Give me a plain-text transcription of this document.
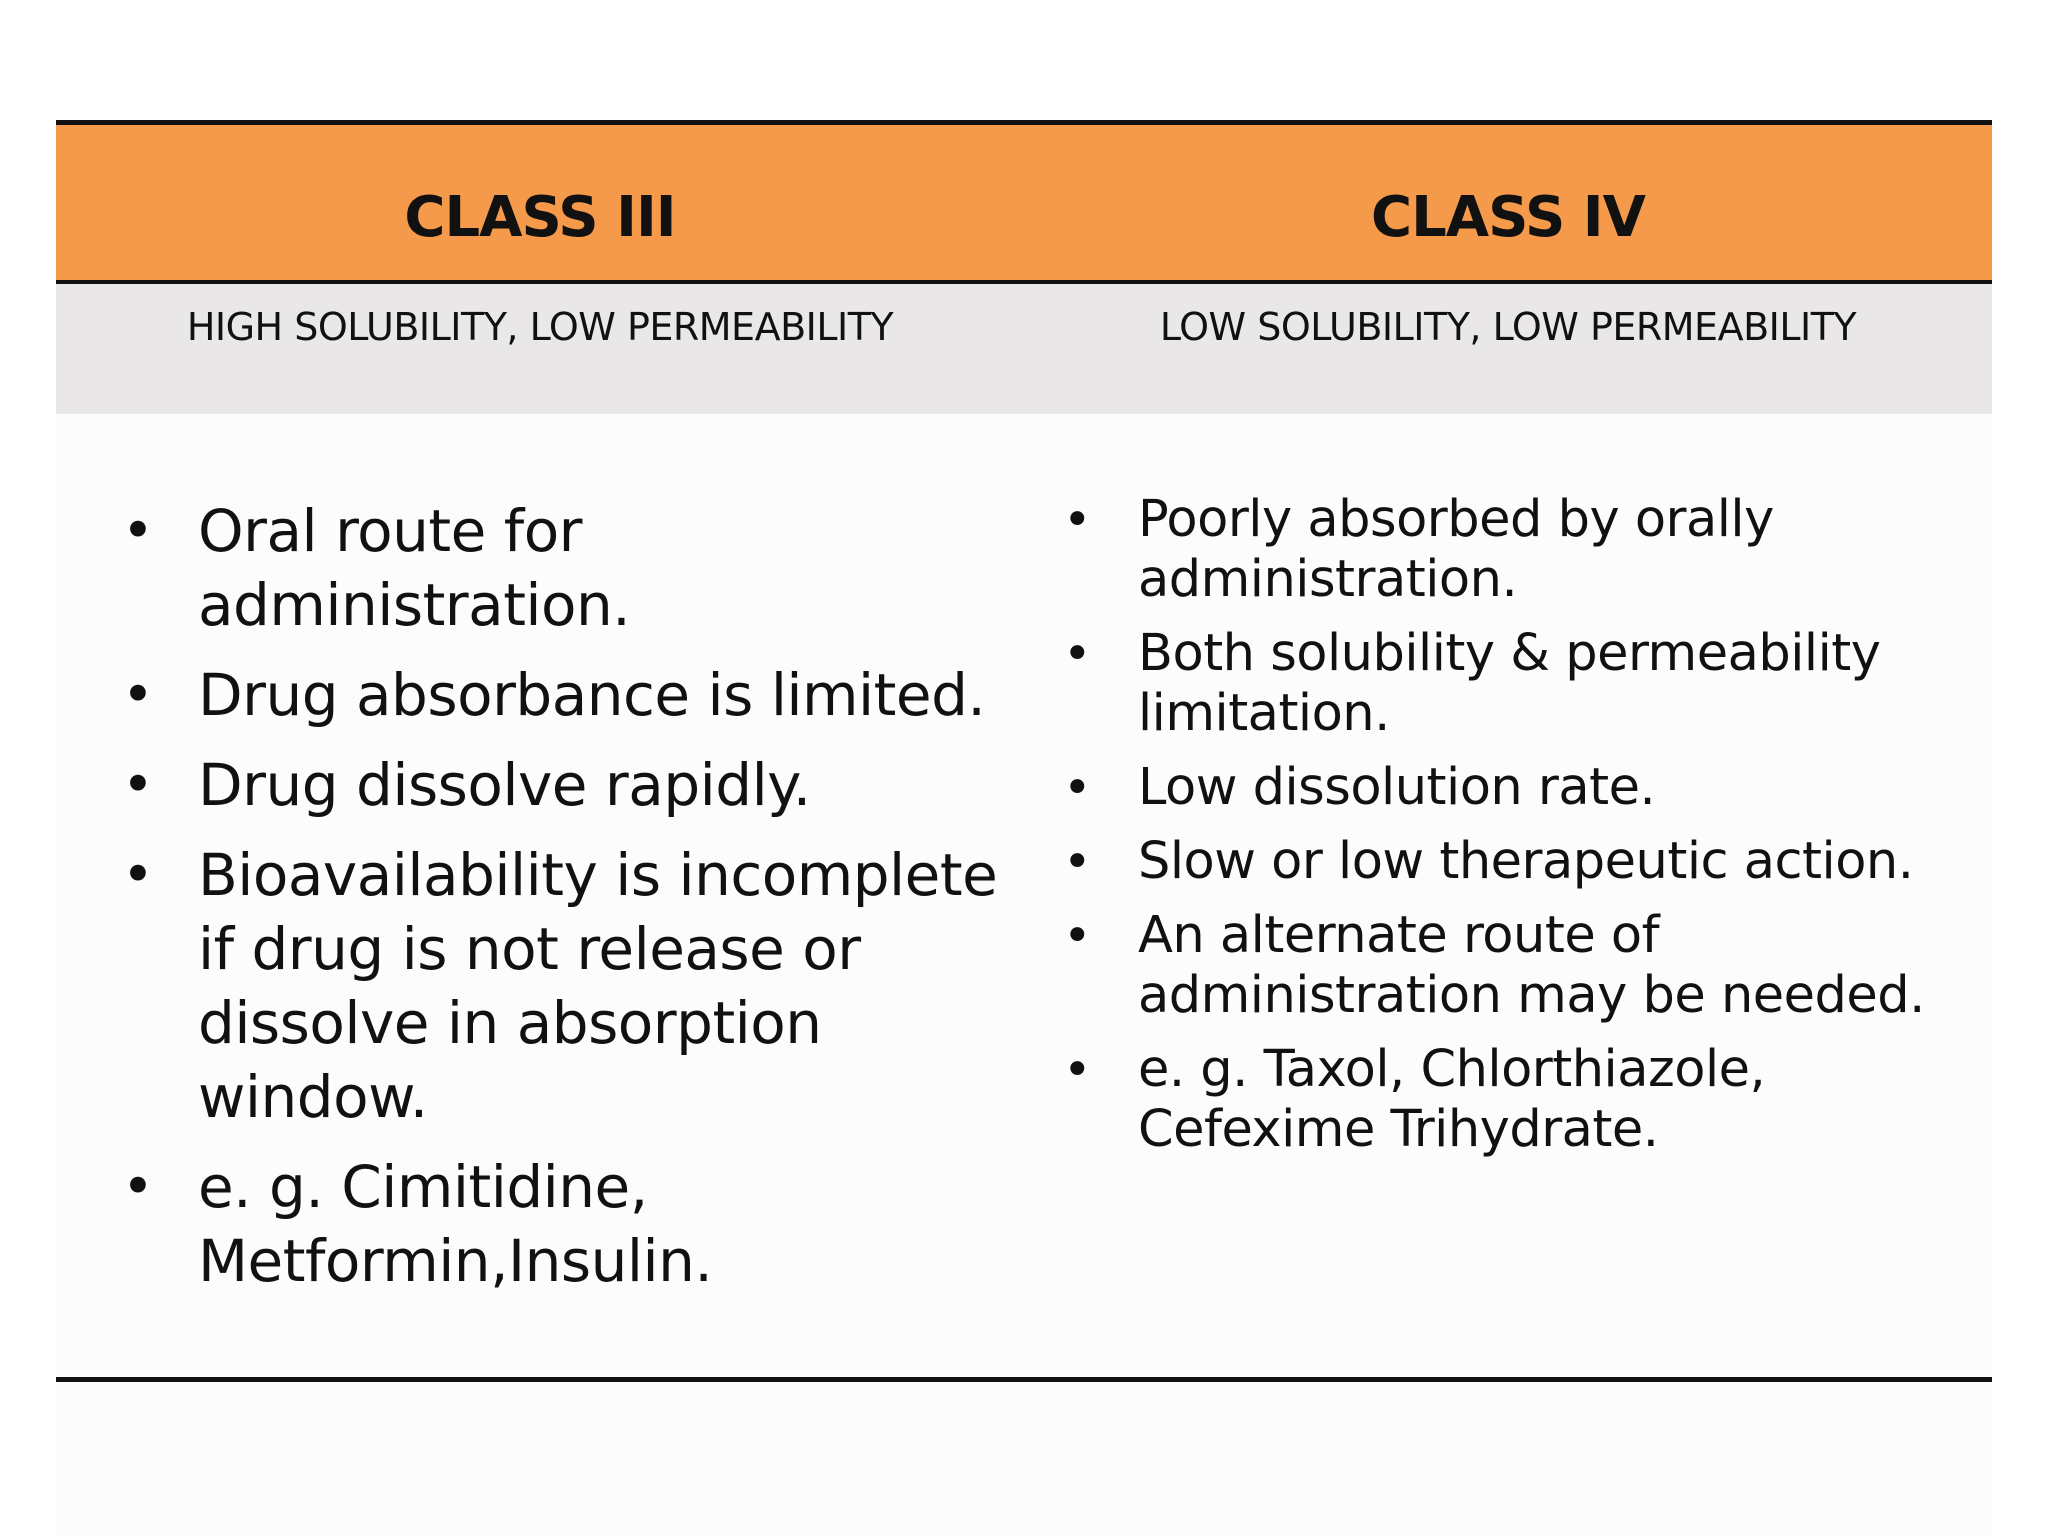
CLASS III	CLASS IV
HIGH SOLUBILITY, LOW PERMEABILITY	LOW SOLUBILITY, LOW PERMEABILITY
• Oral route for administration.
• Drug absorbance is limited.
• Drug dissolve rapidly.
• Bioavailability is incomplete if drug is not release or dissolve in absorption window.
• e. g. Cimitidine, Metformin,Insulin.
• Poorly absorbed by orally administration.
• Both solubility & permeability limitation.
• Low dissolution rate.
• Slow or low therapeutic action.
• An alternate route of administration may be needed.
• e. g. Taxol, Chlorthiazole, Cefexime Trihydrate.
